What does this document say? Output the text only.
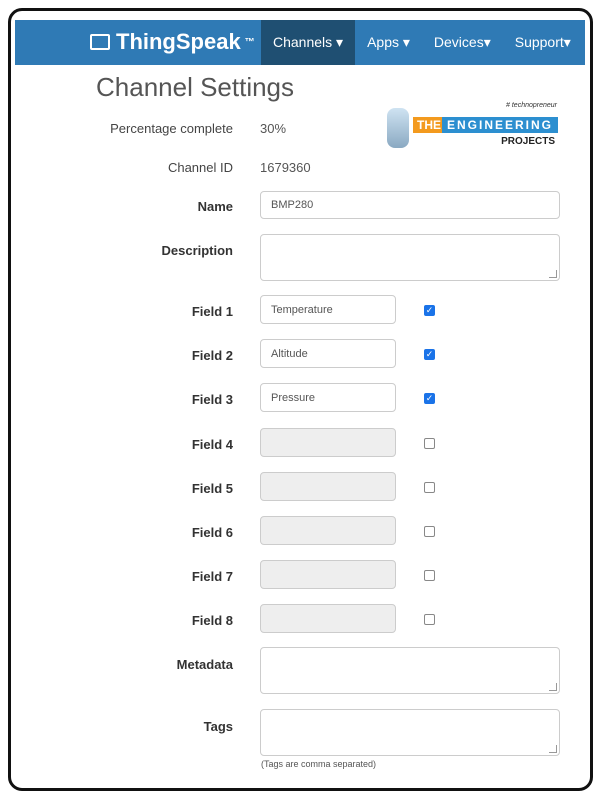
ThingSpeak ™	Channels ▾	Apps ▾	Devices▾	Support▾
Channel Settings
# technopreneur
THE ENGINEERING
PROJECTS
Percentage complete 30%
Channel ID 1679360
Name	BMP280
Description
Field 1	Temperature	✓
Field 2	Altitude	✓
Field 3	Pressure	✓
Field 4
Field 5
Field 6
Field 7
Field 8
Metadata
Tags
(Tags are comma separated)
